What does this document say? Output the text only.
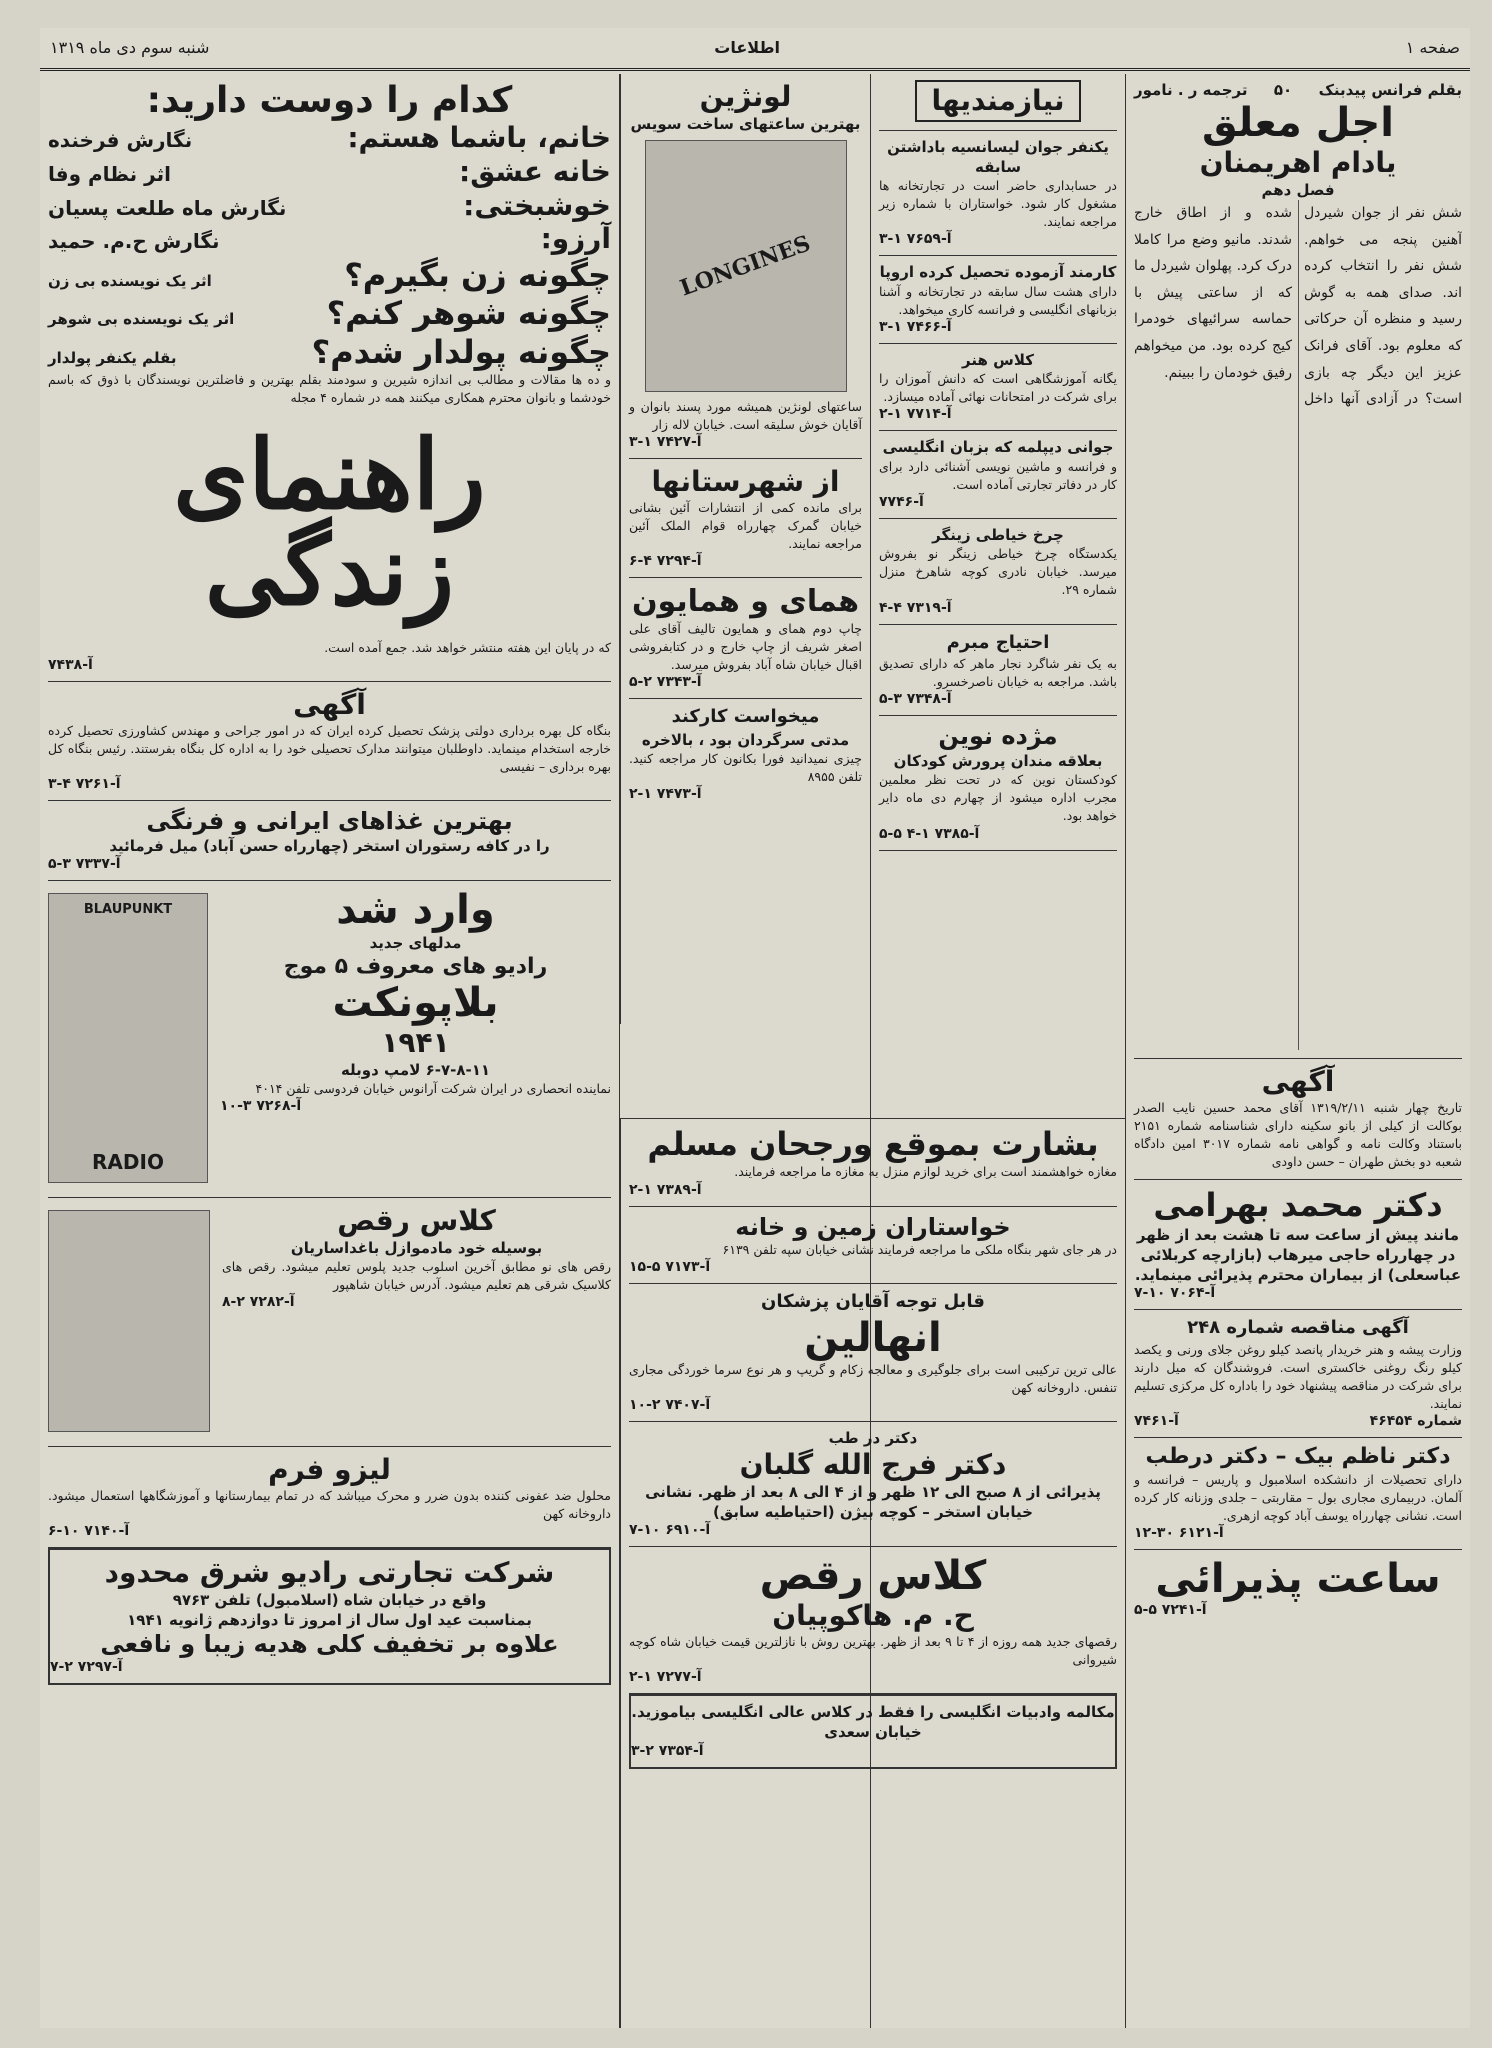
صفحه ۱
اطلاعات
شنبه سوم دی ماه ۱۳۱۹
بقلم فرانس پیدبنک
۵۰
ترجمه ر . نامور
اجل معلق
یادام اهریمنان
فصل دهم
شش نفر از جوان شیردل آهنین پنجه می خواهم. شش نفر را انتخاب کرده اند. صدای همه به گوش رسید و منظره آن حرکاتی که معلوم بود. آقای فرانک عزیز این دیگر چه بازی است؟ در آزادی آنها داخل شده و از اطاق خارج شدند. مانیو وضع مرا کاملا درک کرد. پهلوان شیردل ما که از ساعتی پیش با حماسه سرائیهای خودمرا کیج کرده بود. من میخواهم رفیق خودمان را ببینم.
آگهی
تاریخ چهار شنبه ۱۳۱۹/۲/۱۱ آقای محمد حسین نایب الصدر بوکالت از کیلی از بانو سکینه دارای شناسنامه شماره ۲۱۵۱ باستناد وکالت نامه و گواهی نامه شماره ۳۰۱۷ امین دادگاه شعبه دو بخش طهران – حسن داودی
دکتر محمد بهرامی
مانند پیش از ساعت سه تا هشت بعد از ظهر در چهارراه حاجی میرهاب (بازارچه کربلائی عباسعلی) از بیماران محترم پذیرائی مینماید.
آ-۷۰۶۴ ۱۰-۷
آگهی مناقصه شماره ۲۴۸
وزارت پیشه و هنر خریدار پانصد کیلو روغن جلای ورنی و یکصد کیلو رنگ روغنی خاکستری است. فروشندگان که میل دارند برای شرکت در مناقصه پیشنهاد خود را باداره کل مرکزی تسلیم نمایند.
آ-۷۴۶۱	شماره ۴۶۴۵۴
دکتر ناظم بیک – دکتر درطب
دارای تحصیلات از دانشکده اسلامبول و پاریس – فرانسه و آلمان. دربیماری مجاری بول – مقاربتی – جلدی وزنانه کار کرده است. نشانی چهارراه یوسف آباد کوچه ازهری.
آ-۶۱۲۱ ۳۰-۱۲
ساعت پذیرائی
آ-۷۲۴۱ ۵-۵
نیازمندیها
یکنفر جوان لیسانسیه باداشتن سابقه
در حسابداری حاضر است در تجارتخانه ها مشغول کار شود. خواستاران با شماره زیر مراجعه نمایند.
آ-۷۶۵۹ ۱-۳
کارمند آزموده تحصیل کرده اروپا
دارای هشت سال سابقه در تجارتخانه و آشنا بزبانهای انگلیسی و فرانسه کاری میخواهد.
آ-۷۴۶۶ ۱-۳
کلاس هنر
یگانه آموزشگاهی است که دانش آموزان را برای شرکت در امتحانات نهائی آماده میسازد.
آ-۷۷۱۴ ۱-۲
جوانی دیپلمه که بزبان انگلیسی
و فرانسه و ماشین نویسی آشنائی دارد برای کار در دفاتر تجارتی آماده است.
آ-۷۷۴۶
چرخ خیاطی زینگر
یکدستگاه چرخ خیاطی زینگر نو بفروش میرسد. خیابان نادری کوچه شاهرخ منزل شماره ۲۹.
آ-۷۳۱۹ ۴-۴
احتیاج مبرم
به یک نفر شاگرد نجار ماهر که دارای تصدیق باشد. مراجعه به خیابان ناصرخسرو.
آ-۷۳۴۸ ۳-۵
مژده نوین
بعلاقه مندان پرورش کودکان
کودکستان نوین که در تحت نظر معلمین مجرب اداره میشود از چهارم دی ماه دایر خواهد بود.
آ-۷۳۸۵ ۱-۴ ۵-۵
لونژین
بهترین ساعتهای ساخت سویس
LONGINES
ساعتهای لونژین همیشه مورد پسند بانوان و آقایان خوش سلیقه است. خیابان لاله زار
آ-۷۴۲۷ ۱-۳
از شهرستانها
برای مانده کمی از انتشارات آئین بشانی خیابان گمرک چهارراه قوام الملک آئین مراجعه نمایند.
آ-۷۲۹۴ ۴-۶
همای و همایون
چاپ دوم همای و همایون تالیف آقای علی اصغر شریف از چاپ خارج و در کتابفروشی اقبال خیابان شاه آباد بفروش میرسد.
آ-۷۳۴۳ ۲-۵
میخواست کارکند
مدتی سرگردان بود ، بالاخره
چیزی نمیدانید فورا بکانون کار مراجعه کنید. تلفن ۸۹۵۵
آ-۷۴۷۳ ۱-۲
بشارت بموقع ورجحان مسلم
مغازه خواهشمند است برای خرید لوازم منزل به مغازه ما مراجعه فرمایند.
آ-۷۳۸۹ ۱-۲
خواستاران زمین و خانه
در هر جای شهر بنگاه ملکی ما مراجعه فرمایند نشانی خیابان سپه تلفن ۶۱۳۹
آ-۷۱۷۳ ۵-۱۵
قابل توجه آقایان پزشکان
انهالین
عالی ترین ترکیبی است برای جلوگیری و معالجه زکام و گریپ و هر نوع سرما خوردگی مجاری تنفس. داروخانه کهن
آ-۷۴۰۷ ۲-۱۰
دکتر در طب
دکتر فرج الله گلبان
پذیرائی از ۸ صبح الی ۱۲ ظهر و از ۴ الی ۸ بعد از ظهر. نشانی خیابان استخر – کوچه بیژن (احتیاطیه سابق)
آ-۶۹۱۰ ۱۰-۷
کلاس رقص
ح. م. هاکوپیان
رقصهای جدید همه روزه از ۴ تا ۹ بعد از ظهر. بهترین روش با نازلترین قیمت خیابان شاه کوچه شیروانی
آ-۷۲۷۷ ۱-۲
مکالمه وادبیات انگلیسی را فقط در کلاس عالی انگلیسی بیاموزید. خیابان سعدی
آ-۷۳۵۴ ۲-۳
کدام را دوست دارید:
خانم، باشما هستم:
نگارش فرخنده
خانه عشق:
اثر نظام وفا
خوشبختی:
نگارش ماه طلعت پسیان
آرزو:
نگارش ح.م. حمید
چگونه زن بگیرم؟
اثر یک نویسنده بی زن
چگونه شوهر کنم؟
اثر یک نویسنده بی شوهر
چگونه پولدار شدم؟
بقلم یکنفر پولدار
و ده ها مقالات و مطالب بی اندازه شیرین و سودمند بقلم بهترین و فاضلترین نویسندگان با ذوق که باسم خودشما و بانوان محترم همکاری میکنند همه در شماره ۴ مجله
راهنمای زندگی
که در پایان این هفته منتشر خواهد شد. جمع آمده است.
آ-۷۴۳۸
آگهی
بنگاه کل بهره برداری دولتی پزشک تحصیل کرده ایران که در امور جراحی و مهندس کشاورزی تحصیل کرده خارجه استخدام مینماید. داوطلبان میتوانند مدارک تحصیلی خود را به اداره کل بنگاه بفرستند. رئیس بنگاه کل بهره برداری – نفیسی
آ-۷۲۶۱ ۴-۳
بهترین غذاهای ایرانی و فرنگی
را در کافه رستوران استخر (چهارراه حسن آباد) میل فرمائید
آ-۷۳۳۷ ۳-۵
وارد شد
مدلهای جدید
رادیو های معروف ۵ موج
بلاپونکت
۱۹۴۱
۶-۷-۸-۱۱ لامپ دوبله
نماینده انحصاری در ایران شرکت آرانوس خیابان فردوسی تلفن ۴۰۱۴
آ-۷۲۶۸ ۳-۱۰
BLAUPUNKT
RADIO
کلاس رقص
بوسیله خود مادموازل باغداساریان
رقص های نو مطابق آخرین اسلوب جدید پلوس تعلیم میشود. رقص های کلاسیک شرقی هم تعلیم میشود. آدرس خیابان شاهپور
آ-۷۲۸۲ ۲-۸
لیزو فرم
محلول ضد عفونی کننده بدون ضرر و محرک میباشد که در تمام بیمارستانها و آموزشگاهها استعمال میشود. داروخانه کهن
آ-۷۱۴۰ ۱۰-۶
شرکت تجارتی رادیو شرق محدود
واقع در خیابان شاه (اسلامبول) تلفن ۹۷۶۳
بمناسبت عید اول سال از امروز تا دوازدهم ژانویه ۱۹۴۱
علاوه بر تخفیف کلی هدیه زیبا و نافعی
آ-۷۲۹۷ ۲-۷
